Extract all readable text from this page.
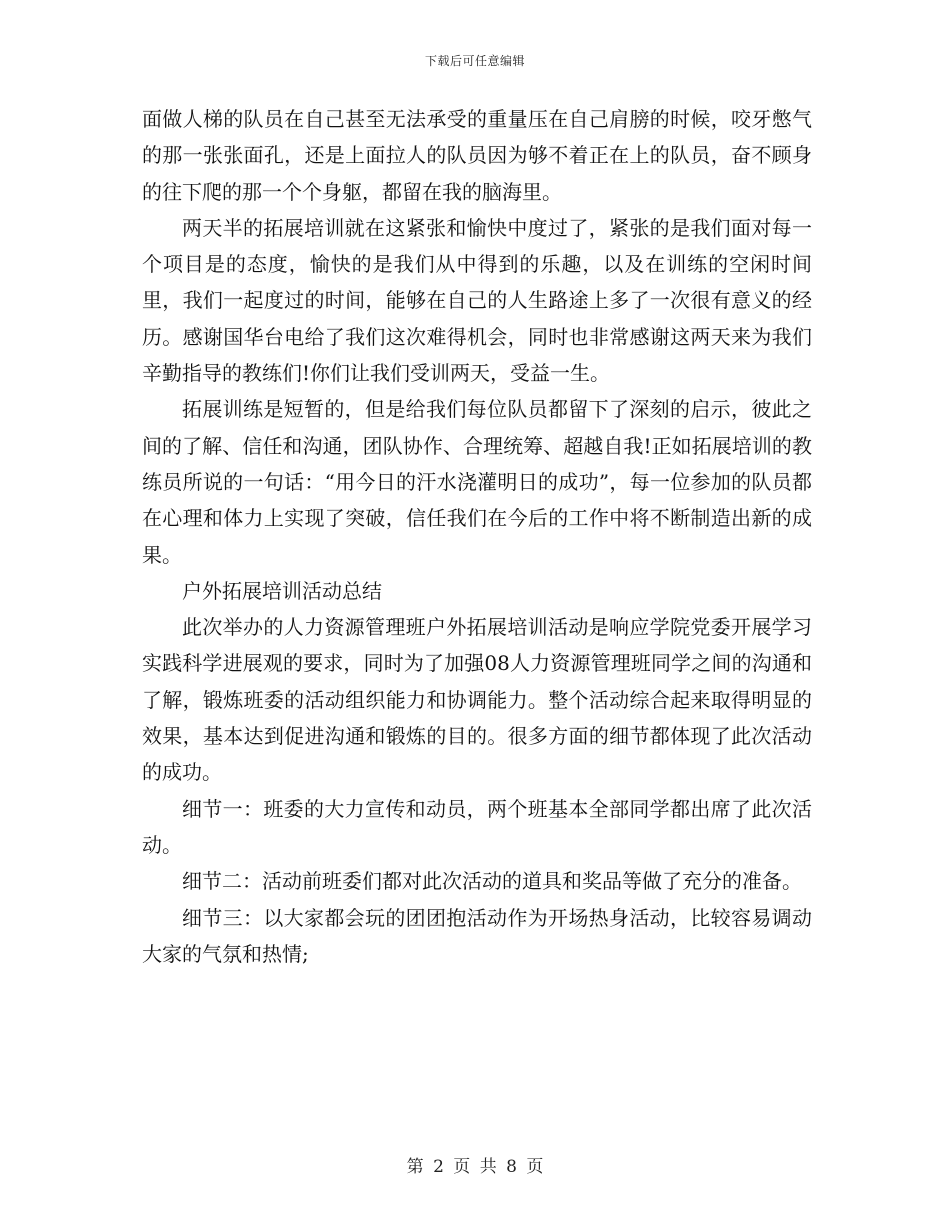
下载后可任意编辑

面做人梯的队员在自己甚至无法承受的重量压在自己肩膀的时候，咬牙憋气的那一张张面孔，还是上面拉人的队员因为够不着正在上的队员，奋不顾身的往下爬的那一个个身躯，都留在我的脑海里。

两天半的拓展培训就在这紧张和愉快中度过了，紧张的是我们面对每一个项目是的态度，愉快的是我们从中得到的乐趣，以及在训练的空闲时间里，我们一起度过的时间，能够在自己的人生路途上多了一次很有意义的经历。感谢国华台电给了我们这次难得机会，同时也非常感谢这两天来为我们辛勤指导的教练们!你们让我们受训两天，受益一生。

拓展训练是短暂的，但是给我们每位队员都留下了深刻的启示，彼此之间的了解、信任和沟通，团队协作、合理统筹、超越自我!正如拓展培训的教练员所说的一句话：“用今日的汗水浇灌明日的成功”，每一位参加的队员都在心理和体力上实现了突破，信任我们在今后的工作中将不断制造出新的成果。

户外拓展培训活动总结

此次举办的人力资源管理班户外拓展培训活动是响应学院党委开展学习实践科学进展观的要求，同时为了加强08人力资源管理班同学之间的沟通和了解，锻炼班委的活动组织能力和协调能力。整个活动综合起来取得明显的效果，基本达到促进沟通和锻炼的目的。很多方面的细节都体现了此次活动的成功。

细节一：班委的大力宣传和动员，两个班基本全部同学都出席了此次活动。

细节二：活动前班委们都对此次活动的道具和奖品等做了充分的准备。

细节三：以大家都会玩的团团抱活动作为开场热身活动，比较容易调动大家的气氛和热情;

第 2 页 共 8 页
